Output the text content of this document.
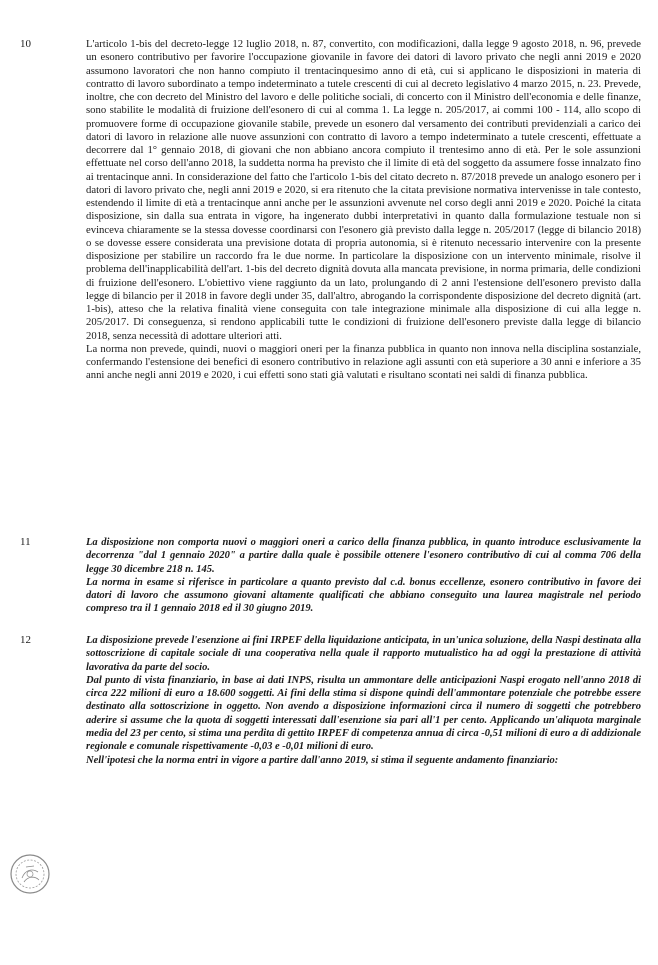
10	L'articolo 1-bis del decreto-legge 12 luglio 2018, n. 87, convertito, con modificazioni, dalla legge 9 agosto 2018, n. 96, prevede un esonero contributivo per favorire l'occupazione giovanile in favore dei datori di lavoro privato che negli anni 2019 e 2020 assumono lavoratori che non hanno compiuto il trentacinquesimo anno di età, cui si applicano le disposizioni in materia di contratto di lavoro subordinato a tempo indeterminato a tutele crescenti di cui al decreto legislativo 4 marzo 2015, n. 23. Prevede, inoltre, che con decreto del Ministro del lavoro e delle politiche sociali, di concerto con il Ministro dell'economia e delle finanze, sono stabilite le modalità di fruizione dell'esonero di cui al comma 1. La legge n. 205/2017, ai commi 100 - 114, allo scopo di promuovere forme di occupazione giovanile stabile, prevede un esonero dal versamento dei contributi previdenziali a carico dei datori di lavoro in relazione alle nuove assunzioni con contratto di lavoro a tempo indeterminato a tutele crescenti, effettuate a decorrere dal 1° gennaio 2018, di giovani che non abbiano ancora compiuto il trentesimo anno di età. Per le sole assunzioni effettuate nel corso dell'anno 2018, la suddetta norma ha previsto che il limite di età del soggetto da assumere fosse innalzato fino ai trentacinque anni. In considerazione del fatto che l'articolo 1-bis del citato decreto n. 87/2018 prevede un analogo esonero per i datori di lavoro privato che, negli anni 2019 e 2020, si era ritenuto che la citata previsione normativa intervenisse in tale contesto, estendendo il limite di età a trentacinque anni anche per le assunzioni avvenute nel corso degli anni 2019 e 2020. Poiché la citata disposizione, sin dalla sua entrata in vigore, ha ingenerato dubbi interpretativi in quanto dalla formulazione testuale non si evinceva chiaramente se la stessa dovesse coordinarsi con l'esonero già previsto dalla legge n. 205/2017 (legge di bilancio 2018) o se dovesse essere considerata una previsione dotata di propria autonomia, si è ritenuto necessario intervenire con la presente disposizione per stabilire un raccordo fra le due norme. In particolare la disposizione con un intervento minimale, risolve il problema dell'inapplicabilità dell'art. 1-bis del decreto dignità dovuta alla mancata previsione, in norma primaria, delle condizioni di fruizione dell'esonero. L'obiettivo viene raggiunto da un lato, prolungando di 2 anni l'estensione dell'esonero previsto dalla legge di bilancio per il 2018 in favore degli under 35, dall'altro, abrogando la corrispondente disposizione del decreto dignità (art. 1-bis), atteso che la relativa finalità viene conseguita con tale integrazione minimale alla disposizione di cui alla legge n. 205/2017. Di conseguenza, si rendono applicabili tutte le condizioni di fruizione dell'esonero previste dalla legge di bilancio 2018, senza necessità di adottare ulteriori atti.

La norma non prevede, quindi, nuovi o maggiori oneri per la finanza pubblica in quanto non innova nella disciplina sostanziale, confermando l'estensione dei benefici di esonero contributivo in relazione agli assunti con età superiore a 30 anni e inferiore a 35 anni anche negli anni 2019 e 2020, i cui effetti sono stati già valutati e risultano scontati nei saldi di finanza pubblica.

11	La disposizione non comporta nuovi o maggiori oneri a carico della finanza pubblica, in quanto introduce esclusivamente la decorrenza "dal 1 gennaio 2020" a partire dalla quale è possibile ottenere l'esonero contributivo di cui al comma 706 della legge 30 dicembre 218 n. 145.

La norma in esame si riferisce in particolare a quanto previsto dal c.d. bonus eccellenze, esonero contributivo in favore dei datori di lavoro che assumono giovani altamente qualificati che abbiano conseguito una laurea magistrale nel periodo compreso tra il 1 gennaio 2018 ed il 30 giugno 2019.

12	La disposizione prevede l'esenzione ai fini IRPEF della liquidazione anticipata, in un'unica soluzione, della Naspi destinata alla sottoscrizione di capitale sociale di una cooperativa nella quale il rapporto mutualistico ha ad oggi la prestazione di attività lavorativa da parte del socio.

Dal punto di vista finanziario, in base ai dati INPS, risulta un ammontare delle anticipazioni Naspi erogato nell'anno 2018 di circa 222 milioni di euro a 18.600 soggetti. Ai fini della stima si dispone quindi dell'ammontare potenziale che potrebbe essere destinato alla sottoscrizione in oggetto. Non avendo a disposizione informazioni circa il numero di soggetti che potrebbero aderire si assume che la quota di soggetti interessati dall'esenzione sia pari all'1 per cento. Applicando un'aliquota marginale media del 23 per cento, si stima una perdita di gettito IRPEF di competenza annua di circa -0,51 milioni di euro a di addizionale regionale e comunale rispettivamente -0,03 e -0,01 milioni di euro.

Nell'ipotesi che la norma entri in vigore a partire dall'anno 2019, si stima il seguente andamento finanziario:
